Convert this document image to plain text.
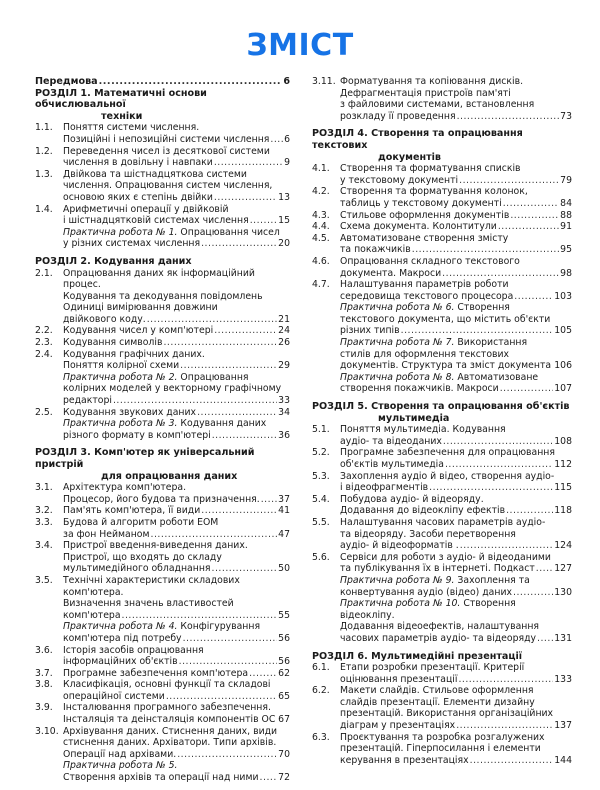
ЗМІСТ
Передмова .....	6
РОЗДІЛ 1. Математичні основи обчислювальної
техніки
1.1. Поняття системи числення.
Позиційні і непозиційні системи числення ..... 6
1.2. Переведення чисел із десяткової системи
числення в довільну і навпаки .....	9
1.3. Двійкова та шістнадцяткова системи
числення. Опрацювання систем числення,
основою яких є степінь двійки .....	13
1.4. Арифметичні операції у двійковій
і шістнадцятковій системах числення .....	15
Практична робота № 1. Опрацювання чисел
у різних системах числення .....	20
РОЗДІЛ 2. Кодування даних
2.1. Опрацювання даних як інформаційний процес.
Кодування та декодування повідомлень
Одиниці вимірювання довжини
двійкового коду. .....	21
2.2. Кодування чисел у комп'ютері .....	24
2.3. Кодування символів .....	26
2.4. Кодування графічних даних.
Поняття колірної схеми .....	29
Практична робота № 2. Опрацювання
колірних моделей у векторному графічному
редакторі .....	33
2.5. Кодування звукових даних .....	34
Практична робота № 3. Кодування даних
різного формату в комп'ютері .....	36
РОЗДІЛ 3. Комп'ютер як універсальний пристрій
для опрацювання даних
3.1. Архітектура комп'ютера.
Процесор, його будова та призначення. ..... 37
3.2. Пам'ять комп'ютера, її види .....	41
3.3. Будова й алгоритм роботи ЕОМ
за фон Нейманом .....	47
3.4. Пристрої введення-виведення даних.
Пристрої, що входять до складу
мультимедійного обладнання .....	50
3.5. Технічні характеристики складових комп'ютера.
Визначення значень властивостей
комп'ютера .....	55
Практична робота № 4. Конфігурування
комп'ютера під потребу .....	56
3.6. Історія засобів опрацювання
інформаційних об'єктів .....	56
3.7. Програмне забезпечення комп'ютера .....	62
3.8. Класифікація, основні функції та складові
операційної системи .....	65
3.9. Інсталювання програмного забезпечення.
Інсталяція та деінсталяція компонентів ОС ..... 67
3.10. Архівування даних. Стиснення даних, види
стиснення даних. Архіватори. Типи архівів.
Операції над архівами. .....	70
Практична робота № 5.
Створення архівів та операції над ними ..... 72
3.11. Форматування та копіювання дисків.
Дефрагментація пристроїв пам'яті
з файловими системами, встановлення
розкладу її проведення .....	73
РОЗДІЛ 4. Створення та опрацювання текстових
документів
4.1. Створення та форматування списків
у текстовому документі .....	79
4.2. Створення та форматування колонок,
таблиць у текстовому документі .....	84
4.3. Стильове оформлення документів .....	88
4.4. Схема документа. Колонтитули .....	91
4.5. Автоматизоване створення змісту
та покажчиків .....	95
4.6. Опрацювання складного текстового
документа. Макроси .....	98
4.7. Налаштування параметрів роботи
середовища текстового процесора .....	103
Практична робота № 6. Створення
текстового документа, що містить об'єкти
різних типів .....	105
Практична робота № 7. Використання
стилів для оформлення текстових
документів. Структура та зміст документа ..... 106
Практична робота № 8. Автоматизоване
створення покажчиків. Макроси .....	107
РОЗДІЛ 5. Створення та опрацювання об'єктів
мультимедіа
5.1. Поняття мультимедіа. Кодування
аудіо- та відеоданих .....	108
5.2. Програмне забезпечення для опрацювання
об'єктів мультимедіа .....	112
5.3. Захоплення аудіо й відео, створення аудіо-
і відеофрагментів .....	115
5.4. Побудова аудіо- й відеоряду.
Додавання до відеокліпу ефектів .....	118
5.5. Налаштування часових параметрів аудіо-
та відеоряду. Засоби перетворення
аудіо- й відеоформатів . .....	124
5.6. Сервіси для роботи з аудіо- й відеоданими
та публікування їх в інтернеті. Подкаст ..... 127
Практична робота № 9. Захоплення та
конвертування аудіо (відео) даних .....	130
Практична робота № 10. Створення відеокліпу.
Додавання відеоефектів, налаштування
часових параметрів аудіо- та відеоряду ..... 131
РОЗДІЛ 6. Мультимедійні презентації
6.1. Етапи розробки презентації. Критерії
оцінювання презентації .....	133
6.2. Макети слайдів. Стильове оформлення
слайдів презентації. Елементи дизайну
презентацій. Використання організаційних
діаграм у презентаціях .....	137
6.3. Проєктування та розробка розгалужених
презентацій. Гіперпосилання і елементи
керування в презентаціях .....	144
